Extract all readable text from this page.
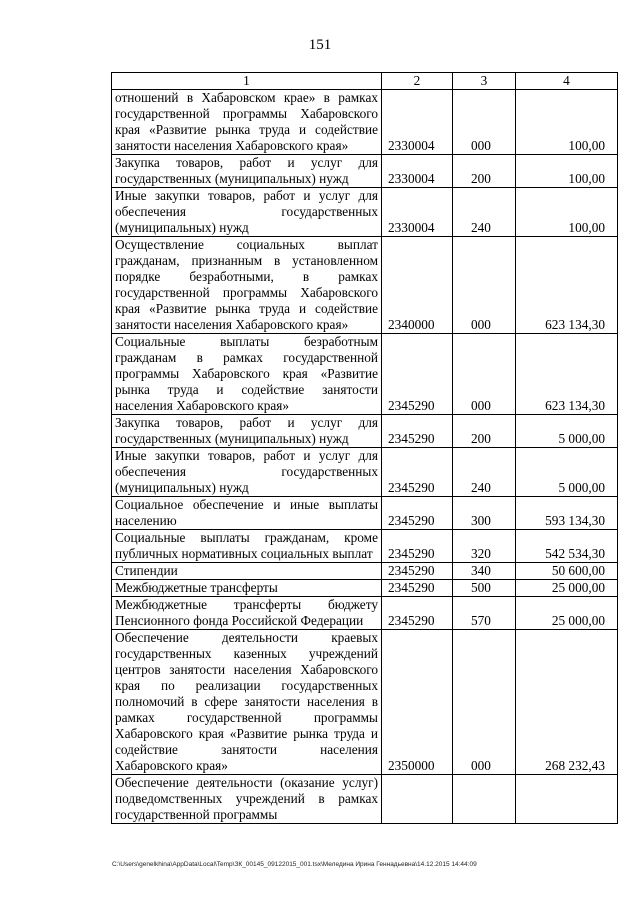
151
1	2	3	4
отношений в Хабаровском крае» в рамках государственной программы Хабаровского края «Развитие рынка труда и содействие занятости населения Хабаровского края»	2330004	000	100,00
Закупка товаров, работ и услуг для государственных (муниципальных) нужд	2330004	200	100,00
Иные закупки товаров, работ и услуг для обеспечения государственных (муниципальных) нужд	2330004	240	100,00
Осуществление социальных выплат гражданам, признанным в установленном порядке безработными, в рамках государственной программы Хабаровского края «Развитие рынка труда и содействие занятости населения Хабаровского края»	2340000	000	623 134,30
Социальные выплаты безработным гражданам в рамках государственной программы Хабаровского края «Развитие рынка труда и содействие занятости населения Хабаровского края»	2345290	000	623 134,30
Закупка товаров, работ и услуг для государственных (муниципальных) нужд	2345290	200	5 000,00
Иные закупки товаров, работ и услуг для обеспечения государственных (муниципальных) нужд	2345290	240	5 000,00
Социальное обеспечение и иные выплаты населению	2345290	300	593 134,30
Социальные выплаты гражданам, кроме публичных нормативных социальных выплат	2345290	320	542 534,30
Стипендии	2345290	340	50 600,00
Межбюджетные трансферты	2345290	500	25 000,00
Межбюджетные трансферты бюджету Пенсионного фонда Российской Федерации	2345290	570	25 000,00
Обеспечение деятельности краевых государственных казенных учреждений центров занятости населения Хабаровского края по реализации государственных полномочий в сфере занятости населения в рамках государственной программы Хабаровского края «Развитие рынка труда и содействие занятости населения Хабаровского края»	2350000	000	268 232,43
Обеспечение деятельности (оказание услуг) подведомственных учреждений в рамках государственной программы			
C:\Users\genelkhina\AppData\Local\Temp\ЗК_00145_09122015_001.tsx\Меледина Ирина Геннадьевна\14.12.2015 14:44:09
